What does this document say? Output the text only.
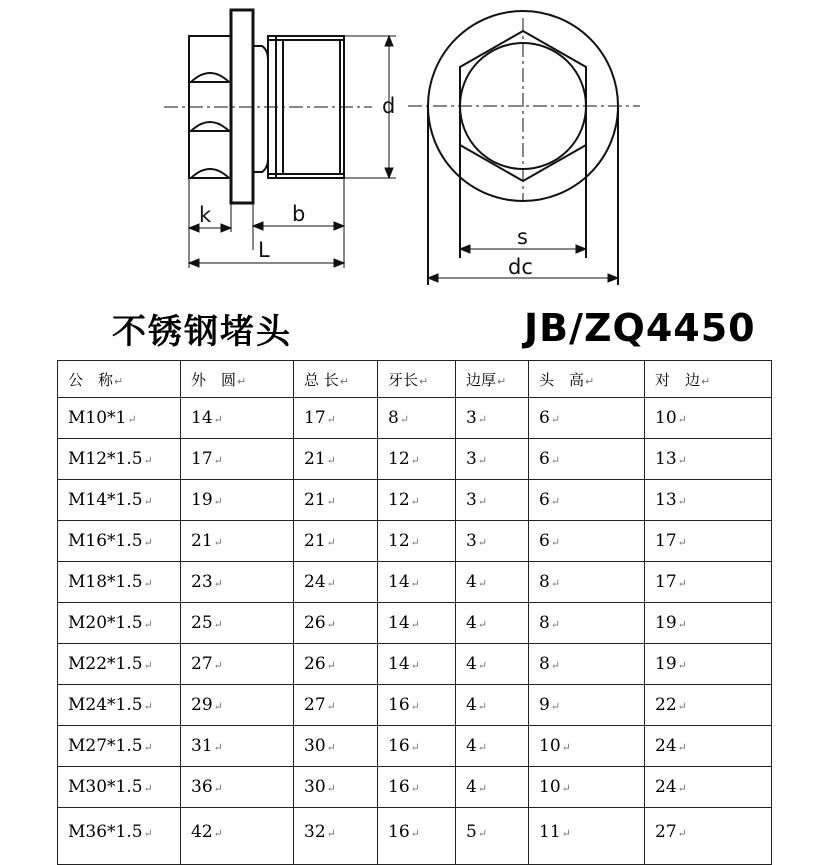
d
k	b
L
s
dc
不锈钢堵头	JB/ZQ4450
公　称↵	外　圆↵	总 长↵	牙长↵	边厚↵	头　高↵	对　边↵
M10*1↵	14↵	17↵	8↵	3↵	6↵	10↵
M12*1.5↵	17↵	21↵	12↵	3↵	6↵	13↵
M14*1.5↵	19↵	21↵	12↵	3↵	6↵	13↵
M16*1.5↵	21↵	21↵	12↵	3↵	6↵	17↵
M18*1.5↵	23↵	24↵	14↵	4↵	8↵	17↵
M20*1.5↵	25↵	26↵	14↵	4↵	8↵	19↵
M22*1.5↵	27↵	26↵	14↵	4↵	8↵	19↵
M24*1.5↵	29↵	27↵	16↵	4↵	9↵	22↵
M27*1.5↵	31↵	30↵	16↵	4↵	10↵	24↵
M30*1.5↵	36↵	30↵	16↵	4↵	10↵	24↵
M36*1.5↵	42↵	32↵	16↵	5↵	11↵	27↵
